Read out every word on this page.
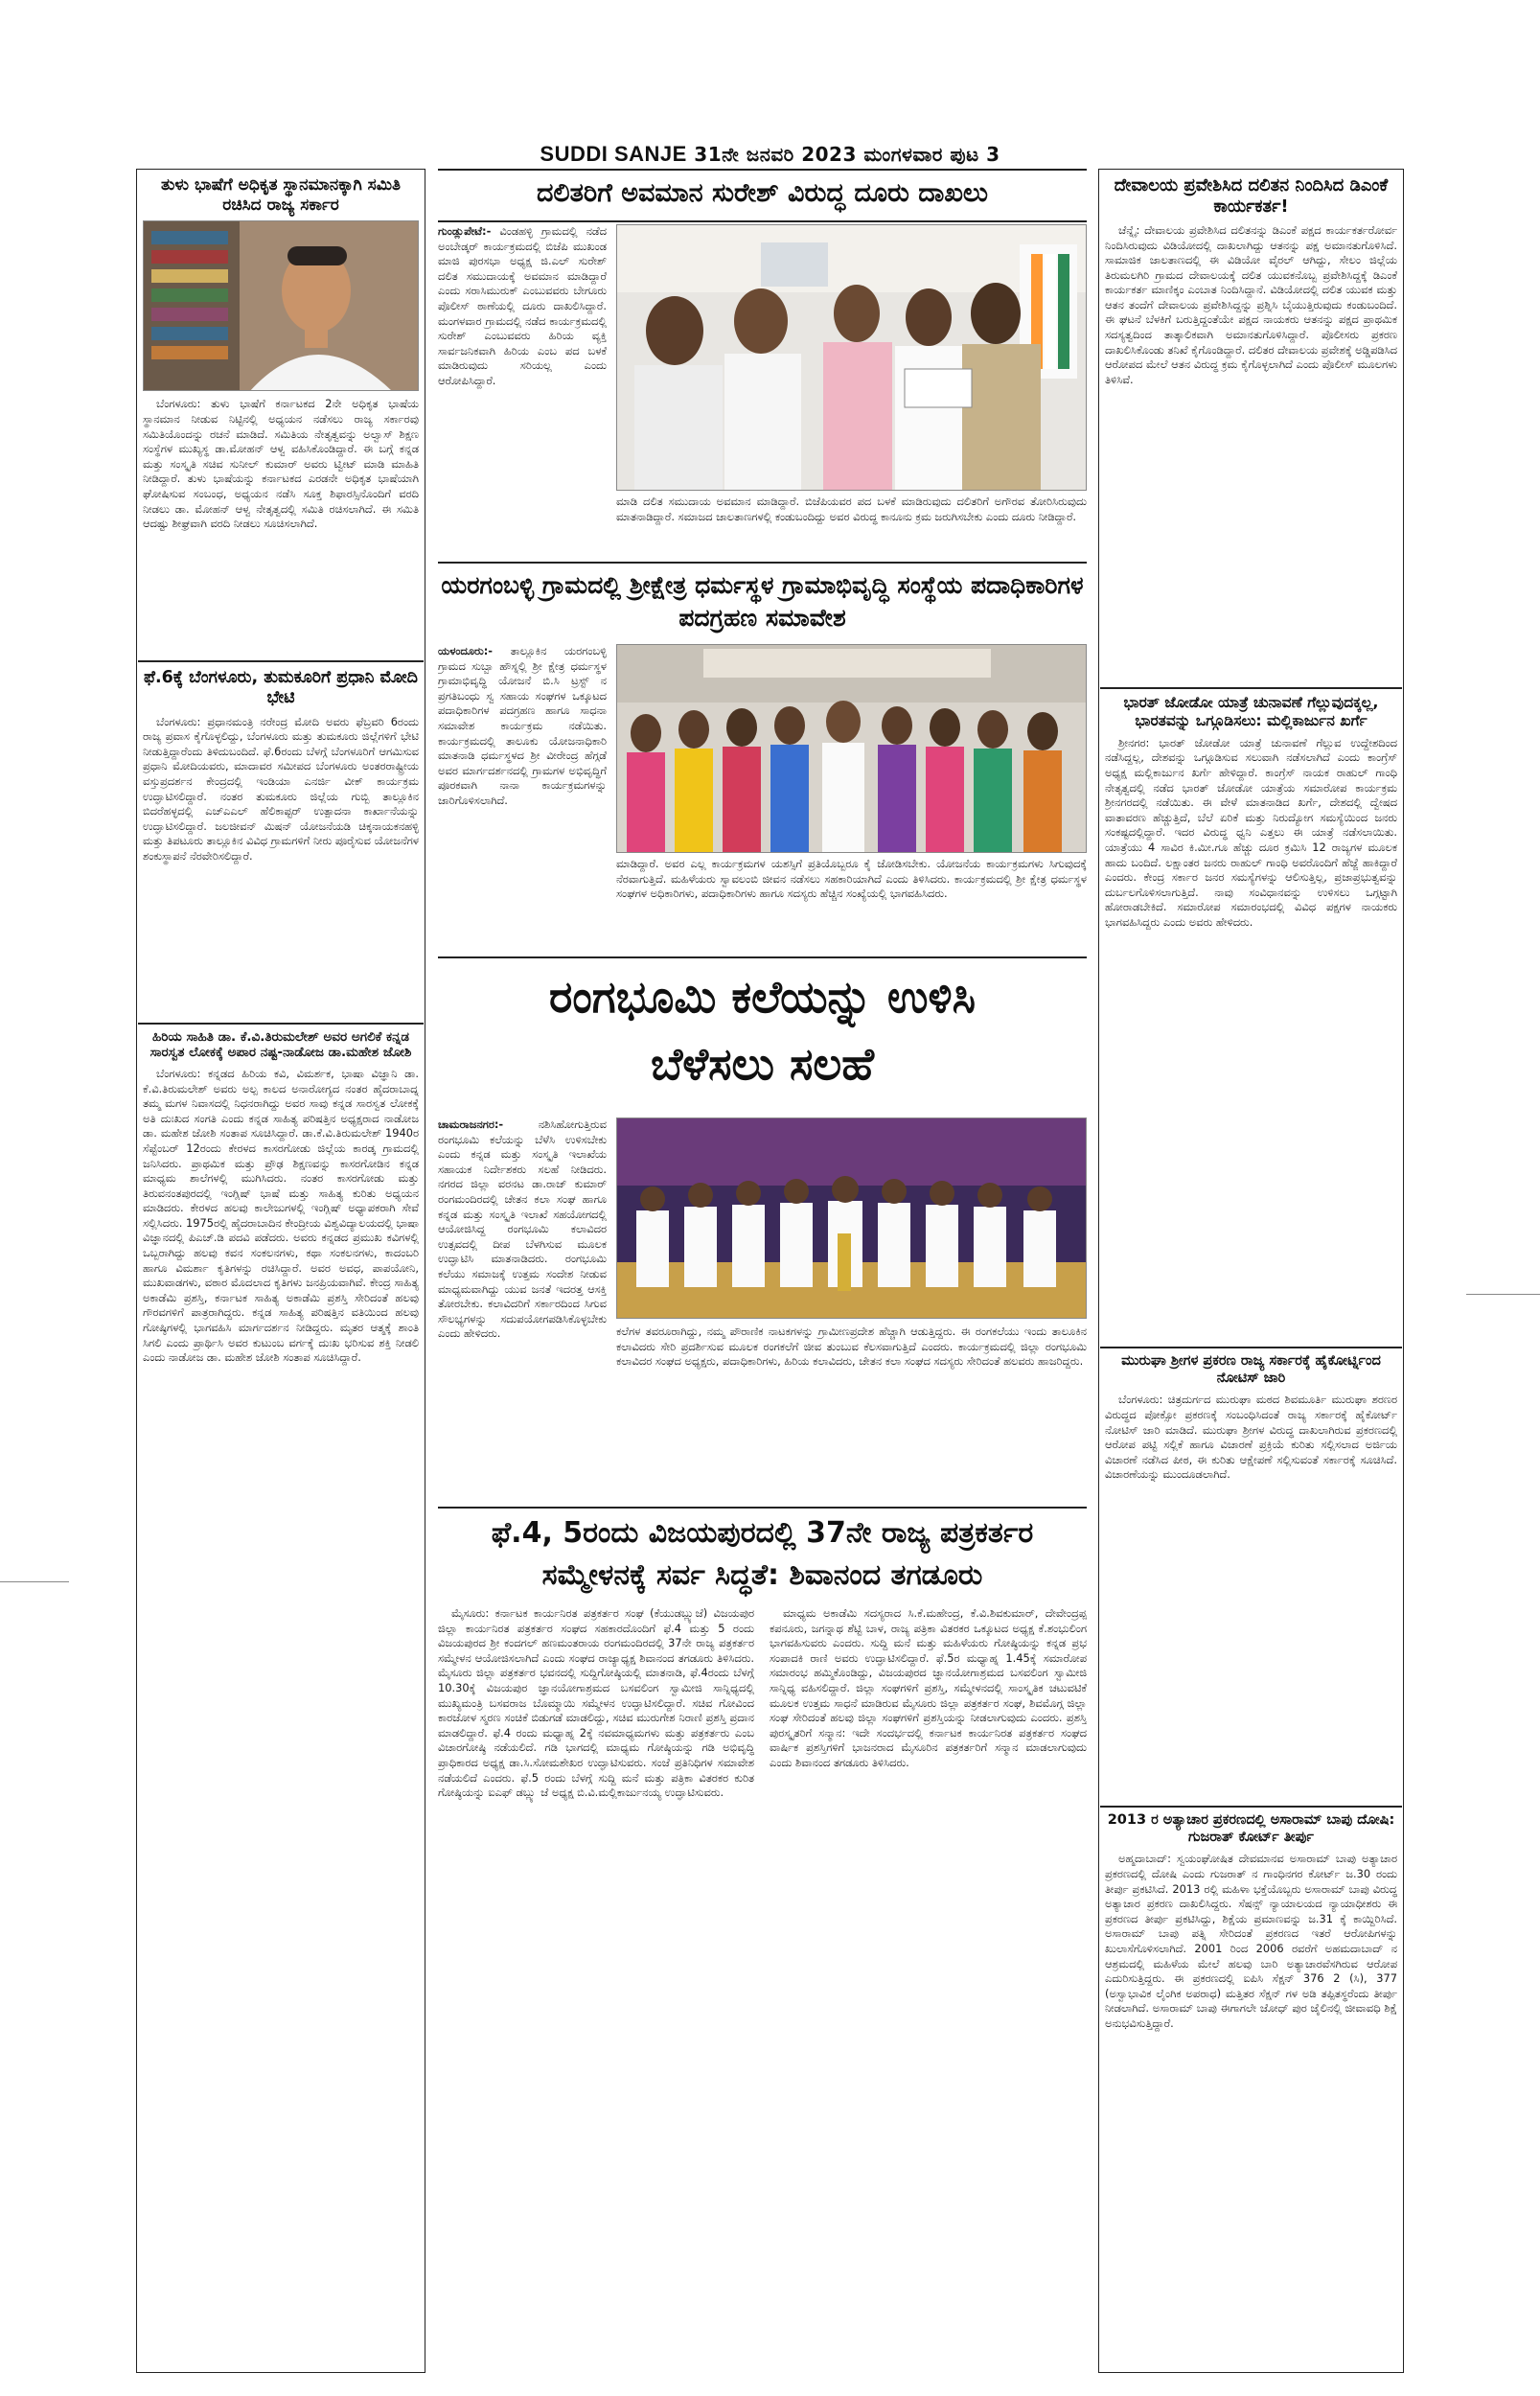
SUDDI SANJE 31ನೇ ಜನವರಿ 2023 ಮಂಗಳವಾರ ಪುಟ 3
ತುಳು ಭಾಷೆಗೆ ಅಧಿಕೃತ ಸ್ಥಾನಮಾನಕ್ಕಾಗಿ ಸಮಿತಿ ರಚಿಸಿದ ರಾಜ್ಯ ಸರ್ಕಾರ

ಬೆಂಗಳೂರು: ತುಳು ಭಾಷೆಗೆ ಕರ್ನಾಟಕದ 2ನೇ ಅಧಿಕೃತ ಭಾಷೆಯ ಸ್ಥಾನಮಾನ ನೀಡುವ ನಿಟ್ಟಿನಲ್ಲಿ ಅಧ್ಯಯನ ನಡೆಸಲು ರಾಜ್ಯ ಸರ್ಕಾರವು ಸಮಿತಿಯೊಂದನ್ನು ರಚನೆ ಮಾಡಿದೆ. ಸಮಿತಿಯ ನೇತೃತ್ವವನ್ನು ಅಲ್ವಾಸ್ ಶಿಕ್ಷಣ ಸಂಸ್ಥೆಗಳ ಮುಖ್ಯಸ್ಥ ಡಾ.ಮೋಹನ್ ಆಳ್ವ ವಹಿಸಿಕೊಂಡಿದ್ದಾರೆ. ಈ ಬಗ್ಗೆ ಕನ್ನಡ ಮತ್ತು ಸಂಸ್ಕೃತಿ ಸಚಿವ ಸುನೀಲ್ ಕುಮಾರ್ ಅವರು ಟ್ವೀಟ್ ಮಾಡಿ ಮಾಹಿತಿ ನೀಡಿದ್ದಾರೆ. ತುಳು ಭಾಷೆಯನ್ನು ಕರ್ನಾಟಕದ ಎರಡನೇ ಅಧಿಕೃತ ಭಾಷೆಯಾಗಿ ಘೋಷಿಸುವ ಸಂಬಂಧ, ಅಧ್ಯಯನ ನಡೆಸಿ ಸೂಕ್ತ ಶಿಫಾರಸ್ಸಿನೊಂದಿಗೆ ವರದಿ ನೀಡಲು ಡಾ. ಮೋಹನ್ ಆಳ್ವ ನೇತೃತ್ವದಲ್ಲಿ ಸಮಿತಿ ರಚಿಸಲಾಗಿದೆ. ಈ ಸಮಿತಿ ಆದಷ್ಟು ಶೀಘ್ರವಾಗಿ ವರದಿ ನೀಡಲು ಸೂಚಿಸಲಾಗಿದೆ.

ಫೆ.6ಕ್ಕೆ ಬೆಂಗಳೂರು, ತುಮಕೂರಿಗೆ ಪ್ರಧಾನಿ ಮೋದಿ ಭೇಟಿ

ಬೆಂಗಳೂರು: ಪ್ರಧಾನಮಂತ್ರಿ ನರೇಂದ್ರ ಮೋದಿ ಅವರು ಫೆಬ್ರವರಿ 6ರಂದು ರಾಜ್ಯ ಪ್ರವಾಸ ಕೈಗೊಳ್ಳಲಿದ್ದು, ಬೆಂಗಳೂರು ಮತ್ತು ತುಮಕೂರು ಜಿಲ್ಲೆಗಳಿಗೆ ಭೇಟಿ ನೀಡುತ್ತಿದ್ದಾರೆಂದು ತಿಳಿದುಬಂದಿದೆ. ಫೆ.6ರಂದು ಬೆಳಗ್ಗೆ ಬೆಂಗಳೂರಿಗೆ ಆಗಮಿಸುವ ಪ್ರಧಾನಿ ಮೋದಿಯವರು, ಮಾದಾವರ ಸಮೀಪದ ಬೆಂಗಳೂರು ಅಂತರರಾಷ್ಟ್ರೀಯ ವಸ್ತುಪ್ರದರ್ಶನ ಕೇಂದ್ರದಲ್ಲಿ ಇಂಡಿಯಾ ಎನರ್ಜಿ ವೀಕ್ ಕಾರ್ಯಕ್ರಮ ಉದ್ಘಾಟಿಸಲಿದ್ದಾರೆ. ನಂತರ ತುಮಕೂರು ಜಿಲ್ಲೆಯ ಗುಬ್ಬಿ ತಾಲ್ಲೂಕಿನ ಬಿದರೆಹಳ್ಳದಲ್ಲಿ ಎಚ್ಎಎಲ್ ಹೆಲಿಕಾಪ್ಟರ್ ಉತ್ಪಾದನಾ ಕಾರ್ಖಾನೆಯನ್ನು ಉದ್ಘಾಟಿಸಲಿದ್ದಾರೆ. ಜಲಜೀವನ್ ಮಿಷನ್ ಯೋಜನೆಯಡಿ ಚಿಕ್ಕನಾಯಕನಹಳ್ಳಿ ಮತ್ತು ತಿಪಟೂರು ತಾಲ್ಲೂಕಿನ ವಿವಿಧ ಗ್ರಾಮಗಳಿಗೆ ನೀರು ಪೂರೈಸುವ ಯೋಜನೆಗಳ ಶಂಕುಸ್ಥಾಪನೆ ನೆರವೇರಿಸಲಿದ್ದಾರೆ.

ಹಿರಿಯ ಸಾಹಿತಿ ಡಾ. ಕೆ.ವಿ.ತಿರುಮಲೇಶ್ ಅವರ ಅಗಲಿಕೆ ಕನ್ನಡ ಸಾರಸ್ವತ ಲೋಕಕ್ಕೆ ಅಪಾರ ನಷ್ಟ-ನಾಡೋಜ ಡಾ.ಮಹೇಶ ಜೋಶಿ

ಬೆಂಗಳೂರು: ಕನ್ನಡದ ಹಿರಿಯ ಕವಿ, ವಿಮರ್ಶಕ, ಭಾಷಾ ವಿಜ್ಞಾನಿ ಡಾ. ಕೆ.ವಿ.ತಿರುಮಲೇಶ್ ಅವರು ಅಲ್ಪ ಕಾಲದ ಅನಾರೋಗ್ಯದ ನಂತರ ಹೈದರಾಬಾದ್ನ ತಮ್ಮ ಮಗಳ ನಿವಾಸದಲ್ಲಿ ನಿಧನರಾಗಿದ್ದು ಅವರ ಸಾವು ಕನ್ನಡ ಸಾರಸ್ವತ ಲೋಕಕ್ಕೆ ಅತಿ ದುಃಖದ ಸಂಗತಿ ಎಂದು ಕನ್ನಡ ಸಾಹಿತ್ಯ ಪರಿಷತ್ತಿನ ಅಧ್ಯಕ್ಷರಾದ ನಾಡೋಜ ಡಾ. ಮಹೇಶ ಜೋಶಿ ಸಂತಾಪ ಸೂಚಿಸಿದ್ದಾರೆ. ಡಾ.ಕೆ.ವಿ.ತಿರುಮಲೇಶ್ 1940ರ ಸೆಪ್ಟೆಂಬರ್ 12ರಂದು ಕೇರಳದ ಕಾಸರಗೋಡು ಜಿಲ್ಲೆಯ ಕಾರಡ್ಕ ಗ್ರಾಮದಲ್ಲಿ ಜನಿಸಿದರು. ಪ್ರಾಥಮಿಕ ಮತ್ತು ಪ್ರೌಢ ಶಿಕ್ಷಣವನ್ನು ಕಾಸರಗೋಡಿನ ಕನ್ನಡ ಮಾಧ್ಯಮ ಶಾಲೆಗಳಲ್ಲಿ ಮುಗಿಸಿದರು. ನಂತರ ಕಾಸರಗೋಡು ಮತ್ತು ತಿರುವನಂತಪುರದಲ್ಲಿ ಇಂಗ್ಲಿಷ್ ಭಾಷೆ ಮತ್ತು ಸಾಹಿತ್ಯ ಕುರಿತು ಅಧ್ಯಯನ ಮಾಡಿದರು. ಕೇರಳದ ಹಲವು ಕಾಲೇಜುಗಳಲ್ಲಿ ಇಂಗ್ಲಿಷ್ ಅಧ್ಯಾಪಕರಾಗಿ ಸೇವೆ ಸಲ್ಲಿಸಿದರು. 1975ರಲ್ಲಿ ಹೈದರಾಬಾದಿನ ಕೇಂದ್ರೀಯ ವಿಶ್ವವಿದ್ಯಾಲಯದಲ್ಲಿ ಭಾಷಾ ವಿಜ್ಞಾನದಲ್ಲಿ ಪಿಎಚ್.ಡಿ ಪದವಿ ಪಡೆದರು. ಅವರು ಕನ್ನಡದ ಪ್ರಮುಖ ಕವಿಗಳಲ್ಲಿ ಒಬ್ಬರಾಗಿದ್ದು ಹಲವು ಕವನ ಸಂಕಲನಗಳು, ಕಥಾ ಸಂಕಲನಗಳು, ಕಾದಂಬರಿ ಹಾಗೂ ವಿಮರ್ಶಾ ಕೃತಿಗಳನ್ನು ರಚಿಸಿದ್ದಾರೆ. ಅವರ ಅವಧ, ಪಾಪಯೋನಿ, ಮುಖವಾಡಗಳು, ವಠಾರ ಮೊದಲಾದ ಕೃತಿಗಳು ಜನಪ್ರಿಯವಾಗಿವೆ. ಕೇಂದ್ರ ಸಾಹಿತ್ಯ ಅಕಾಡೆಮಿ ಪ್ರಶಸ್ತಿ, ಕರ್ನಾಟಕ ಸಾಹಿತ್ಯ ಅಕಾಡೆಮಿ ಪ್ರಶಸ್ತಿ ಸೇರಿದಂತೆ ಹಲವು ಗೌರವಗಳಿಗೆ ಪಾತ್ರರಾಗಿದ್ದರು. ಕನ್ನಡ ಸಾಹಿತ್ಯ ಪರಿಷತ್ತಿನ ವತಿಯಿಂದ ಹಲವು ಗೋಷ್ಠಿಗಳಲ್ಲಿ ಭಾಗವಹಿಸಿ ಮಾರ್ಗದರ್ಶನ ನೀಡಿದ್ದರು. ಮೃತರ ಆತ್ಮಕ್ಕೆ ಶಾಂತಿ ಸಿಗಲಿ ಎಂದು ಪ್ರಾರ್ಥಿಸಿ ಅವರ ಕುಟುಂಬ ವರ್ಗಕ್ಕೆ ದುಃಖ ಭರಿಸುವ ಶಕ್ತಿ ನೀಡಲಿ ಎಂದು ನಾಡೋಜ ಡಾ. ಮಹೇಶ ಜೋಶಿ ಸಂತಾಪ ಸೂಚಿಸಿದ್ದಾರೆ.

ದಲಿತರಿಗೆ ಅವಮಾನ ಸುರೇಶ್ ವಿರುದ್ಧ ದೂರು ದಾಖಲು
ಗುಂಡ್ಲುಪೇಟೆ:- ವಿಂಡಹಳ್ಳಿ ಗ್ರಾಮದಲ್ಲಿ ನಡೆದ ಅಂಬೇಡ್ಕರ್ ಕಾರ್ಯಕ್ರಮದಲ್ಲಿ ಬಿಜೆಪಿ ಮುಖಂಡ ಮಾಜಿ ಪುರಸಭಾ ಅಧ್ಯಕ್ಷ ಜಿ.ಎಲ್ ಸುರೇಶ್ ದಲಿತ ಸಮುದಾಯಕ್ಕೆ ಅವಮಾನ ಮಾಡಿದ್ದಾರೆ ಎಂದು ಸರಾಸಿಮುರುಕ್ ಎಂಬುವವರು ಬೇಗೂರು ಪೊಲೀಸ್ ಠಾಣೆಯಲ್ಲಿ ದೂರು ದಾಖಲಿಸಿದ್ದಾರೆ. ಮಂಗಳವಾರ ಗ್ರಾಮದಲ್ಲಿ ನಡೆದ ಕಾರ್ಯಕ್ರಮದಲ್ಲಿ ಸುರೇಶ್ ಎಂಬುವವರು ಹಿರಿಯ ವ್ಯಕ್ತಿ ಸಾರ್ವಜನಿಕವಾಗಿ ಹಿರಿಯ ಎಂಬ ಪದ ಬಳಕೆ ಮಾಡಿರುವುದು ಸರಿಯಲ್ಲ ಎಂದು ಆರೋಪಿಸಿದ್ದಾರೆ.
ಮಾಡಿ ದಲಿತ ಸಮುದಾಯ ಅವಮಾನ ಮಾಡಿದ್ದಾರೆ. ಬಿಜೆಪಿಯವರ ಪದ ಬಳಕೆ ಮಾಡಿರುವುದು ದಲಿತರಿಗೆ ಅಗೌರವ ತೋರಿಸಿರುವುದು ಮಾತನಾಡಿದ್ದಾರೆ. ಸಮಾಜದ ಜಾಲತಾಣಗಳಲ್ಲಿ ಕಂಡುಬಂದಿದ್ದು ಅವರ ವಿರುದ್ಧ ಕಾನೂನು ಕ್ರಮ ಜರುಗಿಸಬೇಕು ಎಂದು ದೂರು ನೀಡಿದ್ದಾರೆ.
ಯರಗಂಬಳ್ಳಿ ಗ್ರಾಮದಲ್ಲಿ ಶ್ರೀಕ್ಷೇತ್ರ ಧರ್ಮಸ್ಥಳ ಗ್ರಾಮಾಭಿವೃದ್ಧಿ ಸಂಸ್ಥೆಯ ಪದಾಧಿಕಾರಿಗಳ ಪದಗ್ರಹಣ ಸಮಾವೇಶ
ಯಳಂದೂರು:- ತಾಲ್ಲೂಕಿನ ಯರಗಂಬಳ್ಳಿ ಗ್ರಾಮದ ಸುಬ್ಬಾ ಹೌಸ್ನಲ್ಲಿ ಶ್ರೀ ಕ್ಷೇತ್ರ ಧರ್ಮಸ್ಥಳ ಗ್ರಾಮಾಭಿವೃದ್ಧಿ ಯೋಜನೆ ಬಿ.ಸಿ ಟ್ರಸ್ಟ್ ನ ಪ್ರಗತಿಬಂಧು ಸ್ವ ಸಹಾಯ ಸಂಘಗಳ ಒಕ್ಕೂಟದ ಪದಾಧಿಕಾರಿಗಳ ಪದಗ್ರಹಣ ಹಾಗೂ ಸಾಧನಾ ಸಮಾವೇಶ ಕಾರ್ಯಕ್ರಮ ನಡೆಯಿತು. ಕಾರ್ಯಕ್ರಮದಲ್ಲಿ ತಾಲೂಕು ಯೋಜನಾಧಿಕಾರಿ ಮಾತನಾಡಿ ಧರ್ಮಸ್ಥಳದ ಶ್ರೀ ವೀರೇಂದ್ರ ಹೆಗ್ಗಡೆ ಅವರ ಮಾರ್ಗದರ್ಶನದಲ್ಲಿ ಗ್ರಾಮಗಳ ಅಭಿವೃದ್ಧಿಗೆ ಪೂರಕವಾಗಿ ನಾನಾ ಕಾರ್ಯಕ್ರಮಗಳನ್ನು ಜಾರಿಗೊಳಿಸಲಾಗಿದೆ.
ಮಾಡಿದ್ದಾರೆ. ಅವರ ಎಲ್ಲ ಕಾರ್ಯಕ್ರಮಗಳ ಯಶಸ್ಸಿಗೆ ಪ್ರತಿಯೊಬ್ಬರೂ ಕೈ ಜೋಡಿಸಬೇಕು. ಯೋಜನೆಯ ಕಾರ್ಯಕ್ರಮಗಳು ಸಿಗುವುದಕ್ಕೆ ನೆರವಾಗುತ್ತಿದೆ. ಮಹಿಳೆಯರು ಸ್ವಾವಲಂಬಿ ಜೀವನ ನಡೆಸಲು ಸಹಕಾರಿಯಾಗಿದೆ ಎಂದು ತಿಳಿಸಿದರು. ಕಾರ್ಯಕ್ರಮದಲ್ಲಿ ಶ್ರೀ ಕ್ಷೇತ್ರ ಧರ್ಮಸ್ಥಳ ಸಂಘಗಳ ಅಧಿಕಾರಿಗಳು, ಪದಾಧಿಕಾರಿಗಳು ಹಾಗೂ ಸದಸ್ಯರು ಹೆಚ್ಚಿನ ಸಂಖ್ಯೆಯಲ್ಲಿ ಭಾಗವಹಿಸಿದರು.
ರಂಗಭೂಮಿ ಕಲೆಯನ್ನು ಉಳಿಸಿ
ಬೆಳೆಸಲು ಸಲಹೆ
ಚಾಮರಾಜನಗರ:-	ನಶಿಸಿಹೋಗುತ್ತಿರುವ ರಂಗಭೂಮಿ ಕಲೆಯನ್ನು ಬೆಳೆಸಿ ಉಳಿಸಬೇಕು ಎಂದು ಕನ್ನಡ ಮತ್ತು ಸಂಸ್ಕೃತಿ ಇಲಾಖೆಯ ಸಹಾಯಕ ನಿರ್ದೇಶಕರು ಸಲಹೆ ನೀಡಿದರು. ನಗರದ ಜಿಲ್ಲಾ ವರನಟ ಡಾ.ರಾಜ್ ಕುಮಾರ್ ರಂಗಮಂದಿರದಲ್ಲಿ ಚೇತನ ಕಲಾ ಸಂಘ ಹಾಗೂ ಕನ್ನಡ ಮತ್ತು ಸಂಸ್ಕೃತಿ ಇಲಾಖೆ ಸಹಯೋಗದಲ್ಲಿ ಆಯೋಜಿಸಿದ್ದ ರಂಗಭೂಮಿ ಕಲಾವಿದರ ಉತ್ಸವದಲ್ಲಿ ದೀಪ ಬೆಳಗಿಸುವ ಮೂಲಕ ಉದ್ಘಾಟಿಸಿ ಮಾತನಾಡಿದರು. ರಂಗಭೂಮಿ ಕಲೆಯು ಸಮಾಜಕ್ಕೆ ಉತ್ತಮ ಸಂದೇಶ ನೀಡುವ ಮಾಧ್ಯಮವಾಗಿದ್ದು ಯುವ ಜನತೆ ಇದರತ್ತ ಆಸಕ್ತಿ ತೋರಬೇಕು. ಕಲಾವಿದರಿಗೆ ಸರ್ಕಾರದಿಂದ ಸಿಗುವ ಸೌಲಭ್ಯಗಳನ್ನು ಸದುಪಯೋಗಪಡಿಸಿಕೊಳ್ಳಬೇಕು ಎಂದು ಹೇಳಿದರು.	ಕಲೆಗಳ ತವರೂರಾಗಿದ್ದು, ನಮ್ಮ ಪೌರಾಣಿಕ ನಾಟಕಗಳನ್ನು ಗ್ರಾಮೀಣಪ್ರದೇಶ ಹೆಚ್ಚಾಗಿ ಆಡುತ್ತಿದ್ದರು. ಈ ರಂಗಕಲೆಯು ಇಂದು ತಾಲೂಕಿನ ಕಲಾವಿದರು ಸೇರಿ ಪ್ರದರ್ಶಿಸುವ ಮೂಲಕ ರಂಗಕಲೆಗೆ ಜೀವ ತುಂಬುವ ಕೆಲಸವಾಗುತ್ತಿದೆ ಎಂದರು. ಕಾರ್ಯಕ್ರಮದಲ್ಲಿ ಜಿಲ್ಲಾ ರಂಗಭೂಮಿ ಕಲಾವಿದರ ಸಂಘದ ಅಧ್ಯಕ್ಷರು, ಪದಾಧಿಕಾರಿಗಳು, ಹಿರಿಯ ಕಲಾವಿದರು, ಚೇತನ ಕಲಾ ಸಂಘದ ಸದಸ್ಯರು ಸೇರಿದಂತೆ ಹಲವರು ಹಾಜರಿದ್ದರು.
ಫೆ.4, 5ರಂದು ವಿಜಯಪುರದಲ್ಲಿ 37ನೇ ರಾಜ್ಯ ಪತ್ರಕರ್ತರ
ಸಮ್ಮೇಳನಕ್ಕೆ ಸರ್ವ ಸಿದ್ಧತೆ: ಶಿವಾನಂದ ತಗಡೂರು

ಮೈಸೂರು: ಕರ್ನಾಟಕ ಕಾರ್ಯನಿರತ ಪತ್ರಕರ್ತರ ಸಂಘ (ಕೆಯುಡಬ್ಲ್ಯುಜೆ) ವಿಜಯಪುರ ಜಿಲ್ಲಾ ಕಾರ್ಯನಿರತ ಪತ್ರಕರ್ತರ ಸಂಘದ ಸಹಕಾರದೊಂದಿಗೆ ಫೆ.4 ಮತ್ತು 5 ರಂದು ವಿಜಯಪುರದ ಶ್ರೀ ಕಂದಗಲ್ ಹಣಮಂತರಾಯ ರಂಗಮಂದಿರದಲ್ಲಿ 37ನೇ ರಾಜ್ಯ ಪತ್ರಕರ್ತರ ಸಮ್ಮೇಳನ ಆಯೋಜಿಸಲಾಗಿದೆ ಎಂದು ಸಂಘದ ರಾಜ್ಯಾಧ್ಯಕ್ಷ ಶಿವಾನಂದ ತಗಡೂರು ತಿಳಿಸಿದರು. ಮೈಸೂರು ಜಿಲ್ಲಾ ಪತ್ರಕರ್ತರ ಭವನದಲ್ಲಿ ಸುದ್ದಿಗೋಷ್ಠಿಯಲ್ಲಿ ಮಾತನಾಡಿ, ಫೆ.4ರಂದು ಬೆಳಗ್ಗೆ 10.30ಕ್ಕೆ ವಿಜಯಪುರ ಜ್ಞಾನಯೋಗಾಶ್ರಮದ ಬಸವಲಿಂಗ ಸ್ವಾಮೀಜಿ ಸಾನ್ನಿಧ್ಯದಲ್ಲಿ ಮುಖ್ಯಮಂತ್ರಿ ಬಸವರಾಜ ಬೊಮ್ಮಾಯಿ ಸಮ್ಮೇಳನ ಉದ್ಘಾಟಿಸಲಿದ್ದಾರೆ. ಸಚಿವ ಗೋವಿಂದ ಕಾರಜೋಳ ಸ್ಮರಣ ಸಂಚಿಕೆ ಬಿಡುಗಡೆ ಮಾಡಲಿದ್ದು, ಸಚಿವ ಮುರುಗೇಶ ನಿರಾಣಿ ಪ್ರಶಸ್ತಿ ಪ್ರದಾನ ಮಾಡಲಿದ್ದಾರೆ. ಫೆ.4 ರಂದು ಮಧ್ಯಾಹ್ನ 2ಕ್ಕೆ ನವಮಾಧ್ಯಮಗಳು ಮತ್ತು ಪತ್ರಕರ್ತರು ಎಂಬ ವಿಚಾರಗೋಷ್ಠಿ ನಡೆಯಲಿದೆ. ಗಡಿ ಭಾಗದಲ್ಲಿ ಮಾಧ್ಯಮ ಗೋಷ್ಠಿಯನ್ನು ಗಡಿ ಅಭಿವೃದ್ಧಿ ಪ್ರಾಧಿಕಾರದ ಅಧ್ಯಕ್ಷ ಡಾ.ಸಿ.ಸೋಮಶೇಖರ ಉದ್ಘಾಟಿಸುವರು. ಸಂಜೆ ಪ್ರತಿನಿಧಿಗಳ ಸಮಾವೇಶ ನಡೆಯಲಿದೆ ಎಂದರು. ಫೆ.5 ರಂದು ಬೆಳಗ್ಗೆ ಸುದ್ದಿ ಮನೆ ಮತ್ತು ಪತ್ರಿಕಾ ವಿತರಕರ ಕುರಿತ ಗೋಷ್ಠಿಯನ್ನು ಐಎಫ್ ಡಬ್ಲ್ಯು ಜೆ ಅಧ್ಯಕ್ಷ ಬಿ.ವಿ.ಮಲ್ಲಿಕಾರ್ಜುನಯ್ಯ ಉದ್ಘಾಟಿಸುವರು.

ಮಾಧ್ಯಮ ಅಕಾಡೆಮಿ ಸದಸ್ಯರಾದ ಸಿ.ಕೆ.ಮಹೇಂದ್ರ, ಕೆ.ವಿ.ಶಿವಕುಮಾರ್, ದೇವೇಂದ್ರಪ್ಪ ಕಪನೂರು, ಜಗನ್ನಾಥ ಶೆಟ್ಟಿ ಬಾಳ, ರಾಜ್ಯ ಪತ್ರಿಕಾ ವಿತರಕರ ಒಕ್ಕೂಟದ ಅಧ್ಯಕ್ಷ ಕೆ.ಶಂಭುಲಿಂಗ ಭಾಗವಹಿಸುವರು ಎಂದರು. ಸುದ್ದಿ ಮನೆ ಮತ್ತು ಮಹಿಳೆಯರು ಗೋಷ್ಠಿಯನ್ನು ಕನ್ನಡ ಪ್ರಭ ಸಂಪಾದಕಿ ರಾಣಿ ಅವರು ಉದ್ಘಾಟಿಸಲಿದ್ದಾರೆ. ಫೆ.5ರ ಮಧ್ಯಾಹ್ನ 1.45ಕ್ಕೆ ಸಮಾರೋಪ ಸಮಾರಂಭ ಹಮ್ಮಿಕೊಂಡಿದ್ದು, ವಿಜಯಪುರದ ಜ್ಞಾನಯೋಗಾಶ್ರಮದ ಬಸವಲಿಂಗ ಸ್ವಾಮೀಜಿ ಸಾನ್ನಿಧ್ಯ ವಹಿಸಲಿದ್ದಾರೆ. ಜಿಲ್ಲಾ ಸಂಘಗಳಿಗೆ ಪ್ರಶಸ್ತಿ, ಸಮ್ಮೇಳನದಲ್ಲಿ ಸಾಂಸ್ಕೃತಿಕ ಚಟುವಟಿಕೆ ಮೂಲಕ ಉತ್ತಮ ಸಾಧನೆ ಮಾಡಿರುವ ಮೈಸೂರು ಜಿಲ್ಲಾ ಪತ್ರಕರ್ತರ ಸಂಘ, ಶಿವಮೊಗ್ಗ ಜಿಲ್ಲಾ ಸಂಘ ಸೇರಿದಂತೆ ಹಲವು ಜಿಲ್ಲಾ ಸಂಘಗಳಿಗೆ ಪ್ರಶಸ್ತಿಯನ್ನು ನೀಡಲಾಗುವುದು ಎಂದರು. ಪ್ರಶಸ್ತಿ ಪುರಸ್ಕೃತರಿಗೆ ಸನ್ಮಾನ: ಇದೇ ಸಂದರ್ಭದಲ್ಲಿ ಕರ್ನಾಟಕ ಕಾರ್ಯನಿರತ ಪತ್ರಕರ್ತರ ಸಂಘದ ವಾರ್ಷಿಕ ಪ್ರಶಸ್ತಿಗಳಿಗೆ ಭಾಜನರಾದ ಮೈಸೂರಿನ ಪತ್ರಕರ್ತರಿಗೆ ಸನ್ಮಾನ ಮಾಡಲಾಗುವುದು ಎಂದು ಶಿವಾನಂದ ತಗಡೂರು ತಿಳಿಸಿದರು.

ದೇವಾಲಯ ಪ್ರವೇಶಿಸಿದ ದಲಿತನ ನಿಂದಿಸಿದ ಡಿಎಂಕೆ ಕಾರ್ಯಕರ್ತ!

ಚೆನ್ನೈ: ದೇವಾಲಯ ಪ್ರವೇಶಿಸಿದ ದಲಿತನನ್ನು ಡಿಎಂಕೆ ಪಕ್ಷದ ಕಾರ್ಯಕರ್ತರೋರ್ವ ನಿಂದಿಸಿರುವುದು ವಿಡಿಯೋದಲ್ಲಿ ದಾಖಲಾಗಿದ್ದು ಆತನನ್ನು ಪಕ್ಷ ಅಮಾನತುಗೊಳಿಸಿದೆ. ಸಾಮಾಜಿಕ ಜಾಲತಾಣದಲ್ಲಿ ಈ ವಿಡಿಯೋ ವೈರಲ್ ಆಗಿದ್ದು, ಸೇಲಂ ಜಿಲ್ಲೆಯ ತಿರುಮಲಗಿರಿ ಗ್ರಾಮದ ದೇವಾಲಯಕ್ಕೆ ದಲಿತ ಯುವಕನೊಬ್ಬ ಪ್ರವೇಶಿಸಿದ್ದಕ್ಕೆ ಡಿಎಂಕೆ ಕಾರ್ಯಕರ್ತ ಮಾಣಿಕ್ಕಂ ಎಂಬಾತ ನಿಂದಿಸಿದ್ದಾನೆ. ವಿಡಿಯೋದಲ್ಲಿ ದಲಿತ ಯುವಕ ಮತ್ತು ಆತನ ತಂದೆಗೆ ದೇವಾಲಯ ಪ್ರವೇಶಿಸಿದ್ದನ್ನು ಪ್ರಶ್ನಿಸಿ ಬೈಯುತ್ತಿರುವುದು ಕಂಡುಬಂದಿದೆ. ಈ ಘಟನೆ ಬೆಳಕಿಗೆ ಬರುತ್ತಿದ್ದಂತೆಯೇ ಪಕ್ಷದ ನಾಯಕರು ಆತನನ್ನು ಪಕ್ಷದ ಪ್ರಾಥಮಿಕ ಸದಸ್ಯತ್ವದಿಂದ ತಾತ್ಕಾಲಿಕವಾಗಿ ಅಮಾನತುಗೊಳಿಸಿದ್ದಾರೆ. ಪೊಲೀಸರು ಪ್ರಕರಣ ದಾಖಲಿಸಿಕೊಂಡು ತನಿಖೆ ಕೈಗೊಂಡಿದ್ದಾರೆ. ದಲಿತರ ದೇವಾಲಯ ಪ್ರವೇಶಕ್ಕೆ ಅಡ್ಡಿಪಡಿಸಿದ ಆರೋಪದ ಮೇಲೆ ಆತನ ವಿರುದ್ಧ ಕ್ರಮ ಕೈಗೊಳ್ಳಲಾಗಿದೆ ಎಂದು ಪೊಲೀಸ್ ಮೂಲಗಳು ತಿಳಿಸಿವೆ.

ಭಾರತ್ ಜೋಡೋ ಯಾತ್ರೆ ಚುನಾವಣೆ ಗೆಲ್ಲುವುದಕ್ಕಲ್ಲ, ಭಾರತವನ್ನು ಒಗ್ಗೂಡಿಸಲು: ಮಲ್ಲಿಕಾರ್ಜುನ ಖರ್ಗೆ

ಶ್ರೀನಗರ: ಭಾರತ್ ಜೋಡೋ ಯಾತ್ರೆ ಚುನಾವಣೆ ಗೆಲ್ಲುವ ಉದ್ದೇಶದಿಂದ ನಡೆಸಿದ್ದಲ್ಲ, ದೇಶವನ್ನು ಒಗ್ಗೂಡಿಸುವ ಸಲುವಾಗಿ ನಡೆಸಲಾಗಿದೆ ಎಂದು ಕಾಂಗ್ರೆಸ್ ಅಧ್ಯಕ್ಷ ಮಲ್ಲಿಕಾರ್ಜುನ ಖರ್ಗೆ ಹೇಳಿದ್ದಾರೆ. ಕಾಂಗ್ರೆಸ್ ನಾಯಕ ರಾಹುಲ್ ಗಾಂಧಿ ನೇತೃತ್ವದಲ್ಲಿ ನಡೆದ ಭಾರತ್ ಜೋಡೋ ಯಾತ್ರೆಯ ಸಮಾರೋಪ ಕಾರ್ಯಕ್ರಮ ಶ್ರೀನಗರದಲ್ಲಿ ನಡೆಯಿತು. ಈ ವೇಳೆ ಮಾತನಾಡಿದ ಖರ್ಗೆ, ದೇಶದಲ್ಲಿ ದ್ವೇಷದ ವಾತಾವರಣ ಹೆಚ್ಚುತ್ತಿದೆ, ಬೆಲೆ ಏರಿಕೆ ಮತ್ತು ನಿರುದ್ಯೋಗ ಸಮಸ್ಯೆಯಿಂದ ಜನರು ಸಂಕಷ್ಟದಲ್ಲಿದ್ದಾರೆ. ಇದರ ವಿರುದ್ಧ ಧ್ವನಿ ಎತ್ತಲು ಈ ಯಾತ್ರೆ ನಡೆಸಲಾಯಿತು. ಯಾತ್ರೆಯು 4 ಸಾವಿರ ಕಿ.ಮೀ.ಗೂ ಹೆಚ್ಚು ದೂರ ಕ್ರಮಿಸಿ 12 ರಾಜ್ಯಗಳ ಮೂಲಕ ಹಾದು ಬಂದಿದೆ. ಲಕ್ಷಾಂತರ ಜನರು ರಾಹುಲ್ ಗಾಂಧಿ ಅವರೊಂದಿಗೆ ಹೆಜ್ಜೆ ಹಾಕಿದ್ದಾರೆ ಎಂದರು. ಕೇಂದ್ರ ಸರ್ಕಾರ ಜನರ ಸಮಸ್ಯೆಗಳನ್ನು ಆಲಿಸುತ್ತಿಲ್ಲ, ಪ್ರಜಾಪ್ರಭುತ್ವವನ್ನು ದುರ್ಬಲಗೊಳಿಸಲಾಗುತ್ತಿದೆ. ನಾವು ಸಂವಿಧಾನವನ್ನು ಉಳಿಸಲು ಒಗ್ಗಟ್ಟಾಗಿ ಹೋರಾಡಬೇಕಿದೆ. ಸಮಾರೋಪ ಸಮಾರಂಭದಲ್ಲಿ ವಿವಿಧ ಪಕ್ಷಗಳ ನಾಯಕರು ಭಾಗವಹಿಸಿದ್ದರು ಎಂದು ಅವರು ಹೇಳಿದರು.

ಮುರುಘಾ ಶ್ರೀಗಳ ಪ್ರಕರಣ ರಾಜ್ಯ ಸರ್ಕಾರಕ್ಕೆ ಹೈಕೋರ್ಟ್ನಿಂದ ನೋಟಿಸ್ ಜಾರಿ

ಬೆಂಗಳೂರು: ಚಿತ್ರದುರ್ಗದ ಮುರುಘಾ ಮಠದ ಶಿವಮೂರ್ತಿ ಮುರುಘಾ ಶರಣರ ವಿರುದ್ಧದ ಪೋಕ್ಸೋ ಪ್ರಕರಣಕ್ಕೆ ಸಂಬಂಧಿಸಿದಂತೆ ರಾಜ್ಯ ಸರ್ಕಾರಕ್ಕೆ ಹೈಕೋರ್ಟ್ ನೋಟಿಸ್ ಜಾರಿ ಮಾಡಿದೆ. ಮುರುಘಾ ಶ್ರೀಗಳ ವಿರುದ್ಧ ದಾಖಲಾಗಿರುವ ಪ್ರಕರಣದಲ್ಲಿ ಆರೋಪ ಪಟ್ಟಿ ಸಲ್ಲಿಕೆ ಹಾಗೂ ವಿಚಾರಣೆ ಪ್ರಕ್ರಿಯೆ ಕುರಿತು ಸಲ್ಲಿಸಲಾದ ಅರ್ಜಿಯ ವಿಚಾರಣೆ ನಡೆಸಿದ ಪೀಠ, ಈ ಕುರಿತು ಆಕ್ಷೇಪಣೆ ಸಲ್ಲಿಸುವಂತೆ ಸರ್ಕಾರಕ್ಕೆ ಸೂಚಿಸಿದೆ. ವಿಚಾರಣೆಯನ್ನು ಮುಂದೂಡಲಾಗಿದೆ.

2013 ರ ಅತ್ಯಾಚಾರ ಪ್ರಕರಣದಲ್ಲಿ ಅಸಾರಾಮ್ ಬಾಪು ದೋಷಿ: ಗುಜರಾತ್ ಕೋರ್ಟ್ ತೀರ್ಪು

ಅಹ್ಮದಾಬಾದ್: ಸ್ವಯಂಘೋಷಿತ ದೇವಮಾನವ ಅಸಾರಾಮ್ ಬಾಪು ಅತ್ಯಾಚಾರ ಪ್ರಕರಣದಲ್ಲಿ ದೋಷಿ ಎಂದು ಗುಜರಾತ್ ನ ಗಾಂಧಿನಗರ ಕೋರ್ಟ್ ಜ.30 ರಂದು ತೀರ್ಪು ಪ್ರಕಟಿಸಿದೆ. 2013 ರಲ್ಲಿ ಮಹಿಳಾ ಭಕ್ತೆಯೊಬ್ಬರು ಅಸಾರಾಮ್ ಬಾಪು ವಿರುದ್ಧ ಅತ್ಯಾಚಾರ ಪ್ರಕರಣ ದಾಖಲಿಸಿದ್ದರು. ಸೆಷನ್ಸ್ ನ್ಯಾಯಾಲಯದ ನ್ಯಾಯಾಧೀಶರು ಈ ಪ್ರಕರಣದ ತೀರ್ಪು ಪ್ರಕಟಿಸಿದ್ದು, ಶಿಕ್ಷೆಯ ಪ್ರಮಾಣವನ್ನು ಜ.31 ಕ್ಕೆ ಕಾಯ್ದಿರಿಸಿದೆ. ಅಸಾರಾಮ್ ಬಾಪು ಪತ್ನಿ ಸೇರಿದಂತೆ ಪ್ರಕರಣದ ಇತರೆ ಆರೋಪಿಗಳನ್ನು ಖುಲಾಸೆಗೊಳಿಸಲಾಗಿದೆ. 2001 ರಿಂದ 2006 ರವರೆಗೆ ಅಹಮದಾಬಾದ್ ನ ಆಶ್ರಮದಲ್ಲಿ ಮಹಿಳೆಯ ಮೇಲೆ ಹಲವು ಬಾರಿ ಅತ್ಯಾಚಾರವೆಸಗಿರುವ ಆರೋಪ ಎದುರಿಸುತ್ತಿದ್ದರು. ಈ ಪ್ರಕರಣದಲ್ಲಿ ಐಪಿಸಿ ಸೆಕ್ಷನ್ 376 2 (ಸಿ), 377 (ಅಸ್ವಾಭಾವಿಕ ಲೈಂಗಿಕ ಅಪರಾಧ) ಮತ್ತಿತರ ಸೆಕ್ಷನ್ ಗಳ ಅಡಿ ತಪ್ಪಿತಸ್ಥರೆಂದು ತೀರ್ಪು ನೀಡಲಾಗಿದೆ. ಅಸಾರಾಮ್ ಬಾಪು ಈಗಾಗಲೇ ಜೋಧ್ ಪುರ ಜೈಲಿನಲ್ಲಿ ಜೀವಾವಧಿ ಶಿಕ್ಷೆ ಅನುಭವಿಸುತ್ತಿದ್ದಾರೆ.
